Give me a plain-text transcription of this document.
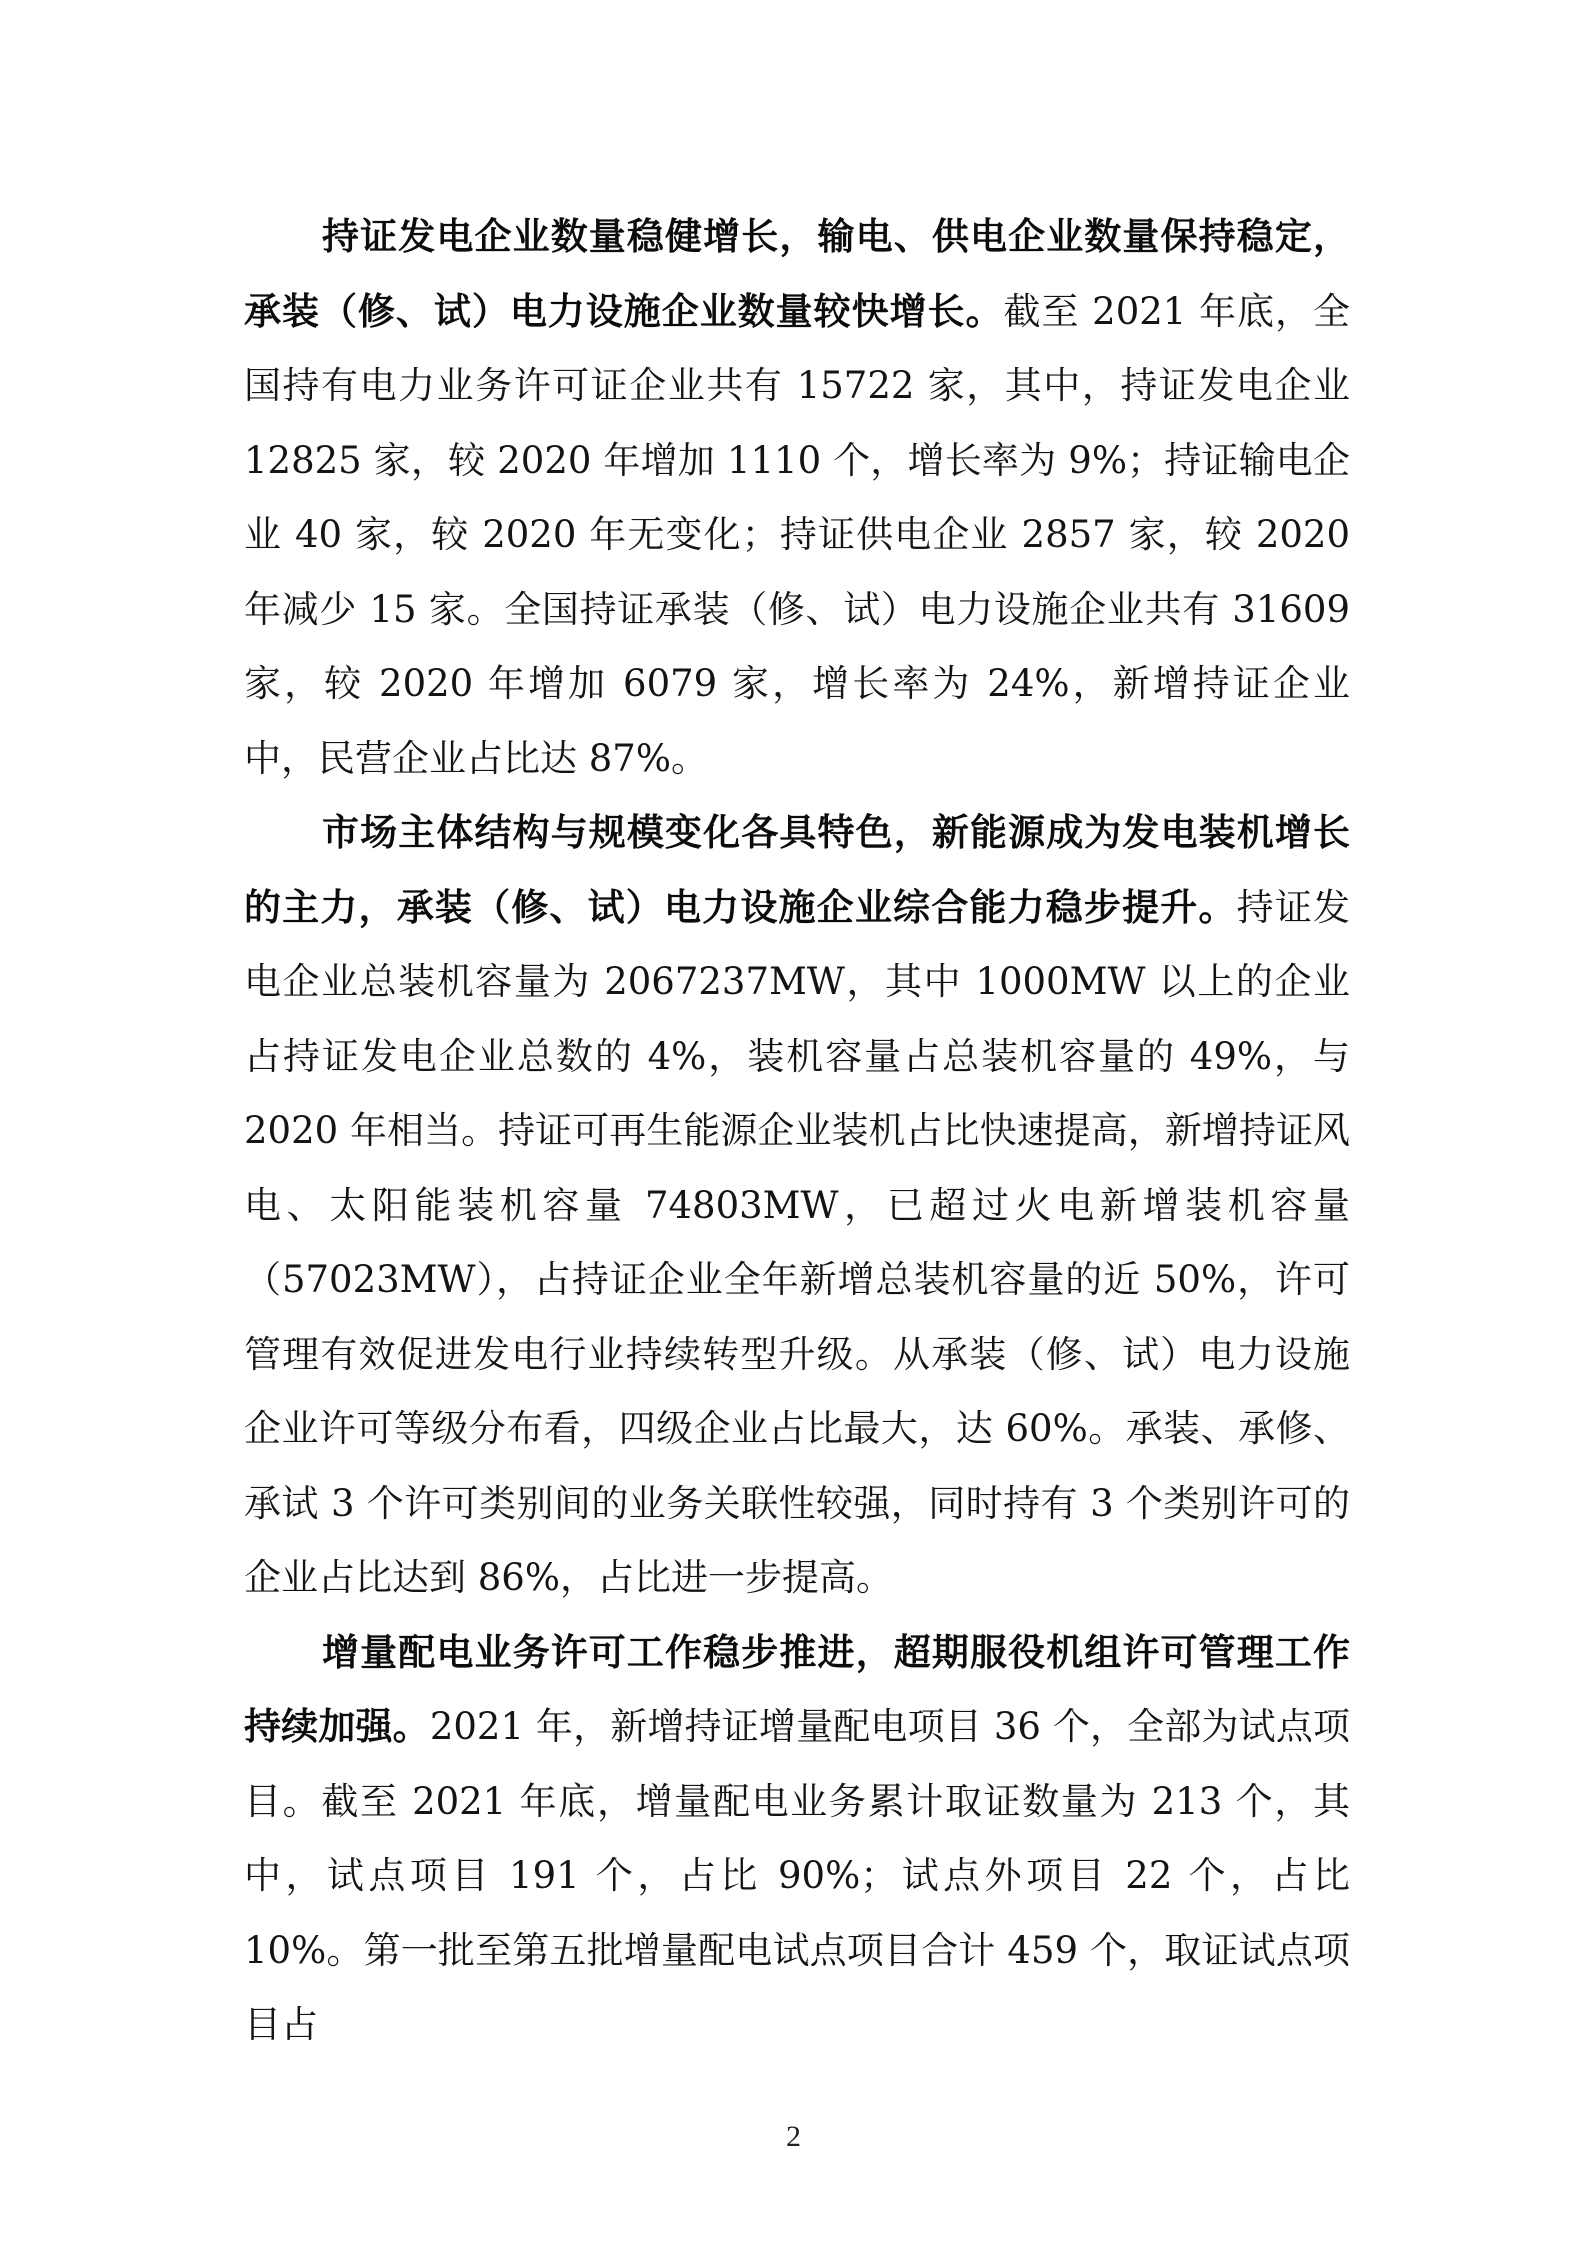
持证发电企业数量稳健增长，输电、供电企业数量保持稳定，承装（修、试）电力设施企业数量较快增长。截至 2021 年底，全国持有电力业务许可证企业共有 15722 家，其中，持证发电企业 12825 家，较 2020 年增加 1110 个，增长率为 9%；持证输电企业 40 家，较 2020 年无变化；持证供电企业 2857 家，较 2020 年减少 15 家。全国持证承装（修、试）电力设施企业共有 31609 家，较 2020 年增加 6079 家，增长率为 24%，新增持证企业中，民营企业占比达 87%。

市场主体结构与规模变化各具特色，新能源成为发电装机增长的主力，承装（修、试）电力设施企业综合能力稳步提升。持证发电企业总装机容量为 2067237MW，其中 1000MW 以上的企业占持证发电企业总数的 4%，装机容量占总装机容量的 49%，与 2020 年相当。持证可再生能源企业装机占比快速提高，新增持证风电、太阳能装机容量 74803MW，已超过火电新增装机容量（57023MW），占持证企业全年新增总装机容量的近 50%，许可管理有效促进发电行业持续转型升级。从承装（修、试）电力设施企业许可等级分布看，四级企业占比最大，达 60%。承装、承修、承试 3 个许可类别间的业务关联性较强，同时持有 3 个类别许可的企业占比达到 86%，占比进一步提高。

增量配电业务许可工作稳步推进，超期服役机组许可管理工作持续加强。2021 年，新增持证增量配电项目 36 个，全部为试点项目。截至 2021 年底，增量配电业务累计取证数量为 213 个，其中，试点项目 191 个，占比 90%；试点外项目 22 个，占比 10%。第一批至第五批增量配电试点项目合计 459 个，取证试点项目占

2
